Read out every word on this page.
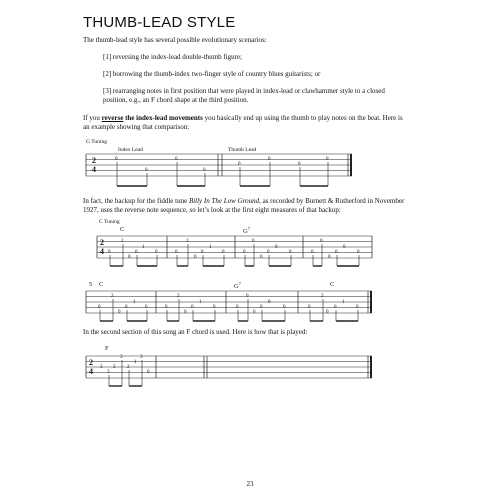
THUMB-LEAD STYLE
The thumb-lead style has several possible evolutionary scenarios:
[1] reversing the index-lead double-thumb figure;
[2] borrowing the thumb-index two-finger style of country blues guitarists; or
[3] rearranging notes in first position that were played in index-lead or clawhammer style to a closed position, e.g., an F chord shape at the third position.
If you reverse the index-lead movements you basically end up using the thumb to play notes on the beat. Here is an example showing that comparison:
G Tuning
Index Lead	Thumb Lead
2
4
0
0
0
0
0
0
0
0
In fact, the backup for the fiddle tune Billy In The Low Ground, as recorded by Burnett & Rutherford in November 1927, uses the reverse note sequence, so let’s look at the first eight measures of that backup:
C Tuning
C	$G^7$
2
4
2
0
1
0
2
0
1
0
0
0
0
0
0
0
0
0
0
0
0
0
0
0
0
0
5 C	$G^7$	C
2
0
1
0
2
0
1
0
0
0
0
0
0
0
0
0
2
0
1
0
0
0
0
0
In the second section of this song an F chord is used. Here is how that is played:
F
2
4	3
3
2
3
1
3
0
3
23
